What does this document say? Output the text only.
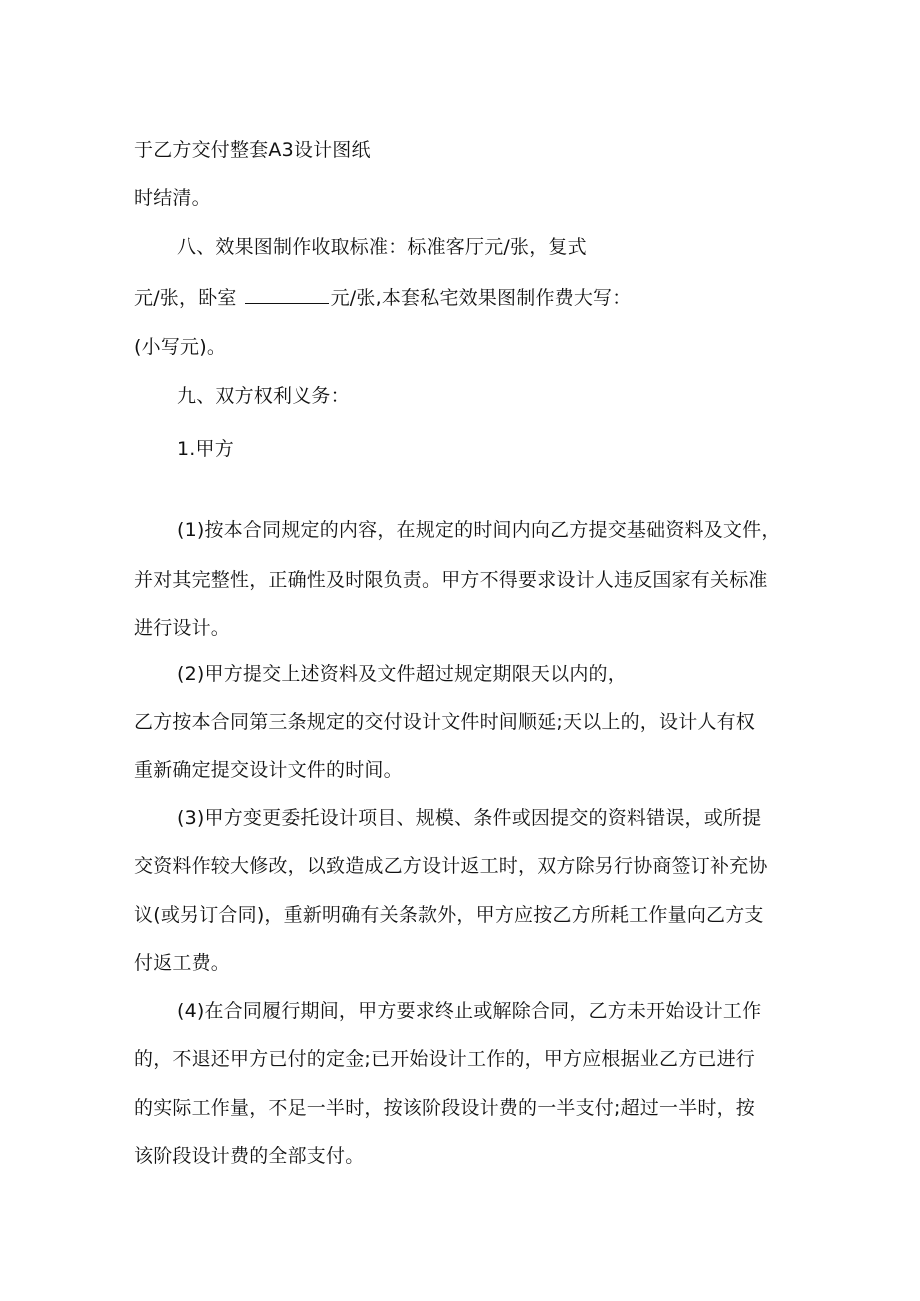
于乙方交付整套A3设计图纸
时结清。
八、效果图制作收取标准：标准客厅元/张，复式
元/张，卧室	元/张,本套私宅效果图制作费大写：
(小写元)。
九、双方权利义务：
1.甲方
(1)按本合同规定的内容，在规定的时间内向乙方提交基础资料及文件，
并对其完整性，正确性及时限负责。甲方不得要求设计人违反国家有关标准
进行设计。
(2)甲方提交上述资料及文件超过规定期限天以内的，
乙方按本合同第三条规定的交付设计文件时间顺延;天以上的，设计人有权
重新确定提交设计文件的时间。
(3)甲方变更委托设计项目、规模、条件或因提交的资料错误，或所提
交资料作较大修改，以致造成乙方设计返工时，双方除另行协商签订补充协
议(或另订合同)，重新明确有关条款外，甲方应按乙方所耗工作量向乙方支
付返工费。
(4)在合同履行期间，甲方要求终止或解除合同，乙方未开始设计工作
的，不退还甲方已付的定金;已开始设计工作的，甲方应根据业乙方已进行
的实际工作量，不足一半时，按该阶段设计费的一半支付;超过一半时，按
该阶段设计费的全部支付。
